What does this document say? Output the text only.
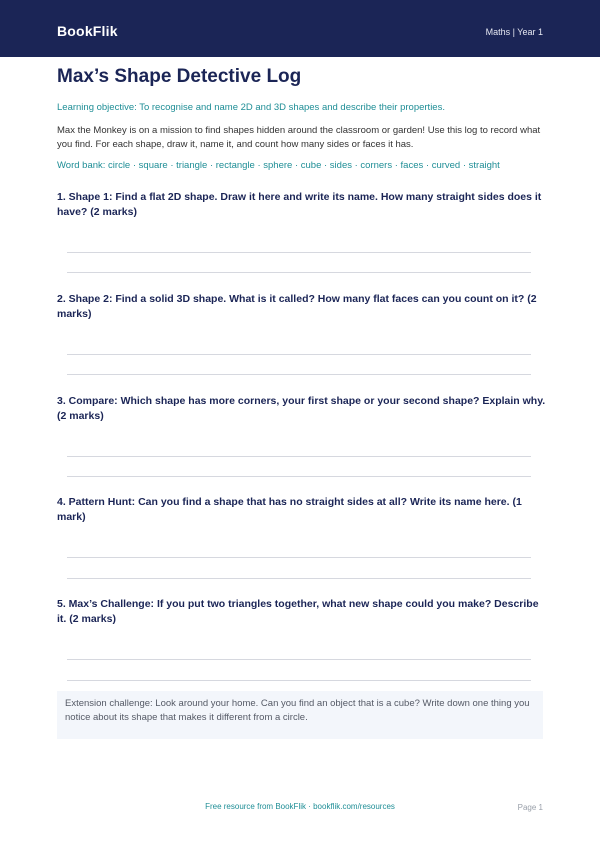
BookFlik	Maths | Year 1
Max’s Shape Detective Log
Learning objective: To recognise and name 2D and 3D shapes and describe their properties.
Max the Monkey is on a mission to find shapes hidden around the classroom or garden! Use this log to record what you find. For each shape, draw it, name it, and count how many sides or faces it has.
Word bank: circle · square · triangle · rectangle · sphere · cube · sides · corners · faces · curved · straight
1. Shape 1: Find a flat 2D shape. Draw it here and write its name. How many straight sides does it have? (2 marks)
2. Shape 2: Find a solid 3D shape. What is it called? How many flat faces can you count on it? (2 marks)
3. Compare: Which shape has more corners, your first shape or your second shape? Explain why. (2 marks)
4. Pattern Hunt: Can you find a shape that has no straight sides at all? Write its name here. (1 mark)
5. Max’s Challenge: If you put two triangles together, what new shape could you make? Describe it. (2 marks)
Extension challenge: Look around your home. Can you find an object that is a cube? Write down one thing you notice about its shape that makes it different from a circle.
Free resource from BookFlik · bookflik.com/resources	Page 1
